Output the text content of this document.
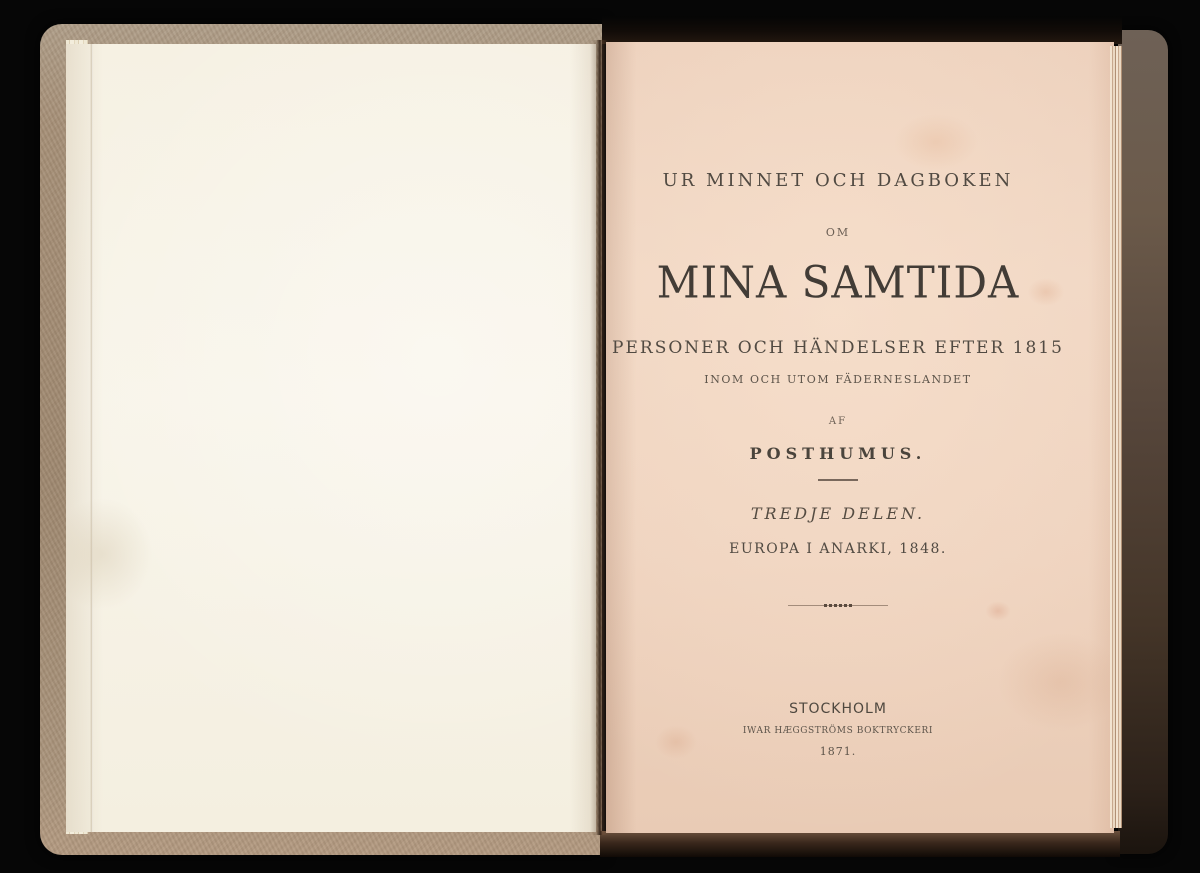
UR MINNET OCH DAGBOKEN
OM
MINA SAMTIDA
PERSONER OCH HÄNDELSER EFTER 1815
INOM OCH UTOM FÄDERNESLANDET
AF
POSTHUMUS.
TREDJE DELEN.
EUROPA I ANARKI, 1848.
STOCKHOLM
IWAR HÆGGSTRÖMS BOKTRYCKERI
1871.
